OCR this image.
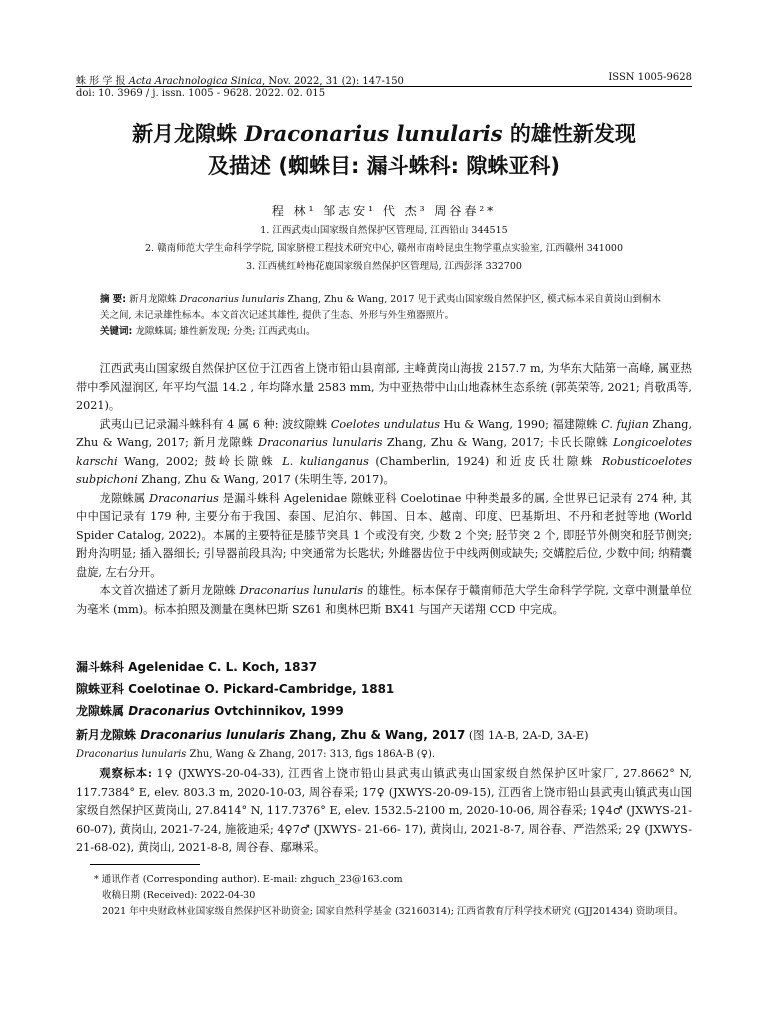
蛛 形 学 报 Acta Arachnologica Sinica, Nov. 2022, 31 (2): 147-150	ISSN 1005-9628
doi: 10. 3969 / j. issn. 1005 - 9628. 2022. 02. 015
新月龙隙蛛 Draconarius lunularis 的雄性新发现
及描述 (蜘蛛目: 漏斗蛛科: 隙蛛亚科)
程 林¹ 邹志安¹ 代 杰³ 周谷春²*
1. 江西武夷山国家级自然保护区管理局, 江西铅山 344515
2. 赣南师范大学生命科学学院, 国家脐橙工程技术研究中心, 赣州市南岭昆虫生物学重点实验室, 江西赣州 341000
3. 江西桃红岭梅花鹿国家级自然保护区管理局, 江西彭泽 332700
摘 要: 新月龙隙蛛 Draconarius lunularis Zhang, Zhu & Wang, 2017 见于武夷山国家级自然保护区, 模式标本采自黄岗山到桐木关之间, 未记录雄性标本。本文首次记述其雄性, 提供了生态、外形与外生殖器照片。
关键词: 龙隙蛛属; 雄性新发现; 分类; 江西武夷山。

江西武夷山国家级自然保护区位于江西省上饶市铅山县南部, 主峰黄岗山海拔 2157.7 m, 为华东大陆第一高峰, 属亚热带中季风湿润区, 年平均气温 14.2 , 年均降水量 2583 mm, 为中亚热带中山山地森林生态系统 (郭英荣等, 2021; 肖敬禹等, 2021)。

武夷山已记录漏斗蛛科有 4 属 6 种: 波纹隙蛛 Coelotes undulatus Hu & Wang, 1990; 福建隙蛛 C. fujian Zhang, Zhu & Wang, 2017; 新月龙隙蛛 Draconarius lunularis Zhang, Zhu & Wang, 2017; 卡氏长隙蛛 Longicoelotes karschi Wang, 2002; 鼓岭长隙蛛 L. kulianganus (Chamberlin, 1924) 和近皮氏壮隙蛛 Robusticoelotes subpichoni Zhang, Zhu & Wang, 2017 (朱明生等, 2017)。

龙隙蛛属 Draconarius 是漏斗蛛科 Agelenidae 隙蛛亚科 Coelotinae 中种类最多的属, 全世界已记录有 274 种, 其中中国记录有 179 种, 主要分布于我国、泰国、尼泊尔、韩国、日本、越南、印度、巴基斯坦、不丹和老挝等地 (World Spider Catalog, 2022)。本属的主要特征是膝节突具 1 个或没有突, 少数 2 个突; 胫节突 2 个, 即胫节外侧突和胫节侧突; 跗舟沟明显; 插入器细长; 引导器前段具沟; 中突通常为长匙状; 外雌器齿位于中线两侧或缺失; 交媾腔后位, 少数中间; 纳精囊盘旋, 左右分开。

本文首次描述了新月龙隙蛛 Draconarius lunularis 的雄性。标本保存于赣南师范大学生命科学学院, 文章中测量单位为毫米 (mm)。标本拍照及测量在奥林巴斯 SZ61 和奥林巴斯 BX41 与国产天诺翔 CCD 中完成。

漏斗蛛科 Agelenidae C. L. Koch, 1837
隙蛛亚科 Coelotinae O. Pickard-Cambridge, 1881
龙隙蛛属 Draconarius Ovtchinnikov, 1999
新月龙隙蛛 Draconarius lunularis Zhang, Zhu & Wang, 2017 (图 1A-B, 2A-D, 3A-E)
Draconarius lunularis Zhu, Wang & Zhang, 2017: 313, figs 186A-B (♀).

观察标本: 1♀ (JXWYS-20-04-33), 江西省上饶市铅山县武夷山镇武夷山国家级自然保护区叶家厂, 27.8662° N, 117.7384° E, elev. 803.3 m, 2020-10-03, 周谷春采; 17♀ (JXWYS-20-09-15), 江西省上饶市铅山县武夷山镇武夷山国家级自然保护区黄岗山, 27.8414° N, 117.7376° E, elev. 1532.5-2100 m, 2020-10-06, 周谷春采; 1♀4♂ (JXWYS-21-60-07), 黄岗山, 2021-7-24, 施筱迪采; 4♀7♂ (JXWYS- 21-66- 17), 黄岗山, 2021-8-7, 周谷春、严浩然采; 2♀ (JXWYS-21-68-02), 黄岗山, 2021-8-8, 周谷春、鄢琳采。

* 通讯作者 (Corresponding author). E-mail: zhguch_23@163.com
收稿日期 (Received): 2022-04-30
2021 年中央财政林业国家级自然保护区补助资金; 国家自然科学基金 (32160314); 江西省教育厅科学技术研究 (GJJ201434) 资助项目。
